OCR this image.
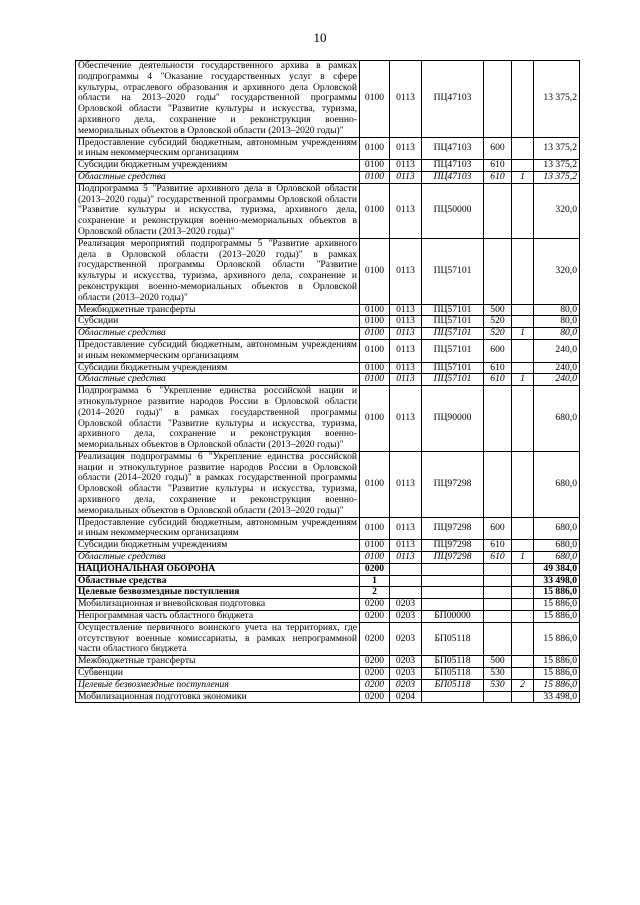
10
Обеспечение деятельности государственного архива в рамках подпрограммы 4 "Оказание государственных услуг в сфере культуры, отраслевого образования и архивного дела Орловской области на 2013–2020 годы" государственной программы Орловской области "Развитие культуры и искусства, туризма, архивного дела, сохранение и реконструкция военно-мемориальных объектов в Орловской области (2013–2020 годы)"	0100	0113	ПЦ47103			13 375,2
Предоставление субсидий бюджетным, автономным учреждениям и иным некоммерческим организациям	0100	0113	ПЦ47103	600		13 375,2
Субсидии бюджетным учреждениям	0100	0113	ПЦ47103	610		13 375,2
Областные средства	0100	0113	ПЦ47103	610	1	13 375,2
Подпрограмма 5 "Развитие архивного дела в Орловской области (2013–2020 годы)" государственной программы Орловской области "Развитие культуры и искусства, туризма, архивного дела, сохранение и реконструкция военно-мемориальных объектов в Орловской области (2013–2020 годы)"	0100	0113	ПЦ50000			320,0
Реализация мероприятий подпрограммы 5 "Развитие архивного дела в Орловской области (2013–2020 годы)" в рамках государственной программы Орловской области "Развитие культуры и искусства, туризма, архивного дела, сохранение и реконструкция военно-мемориальных объектов в Орловской области (2013–2020 годы)"	0100	0113	ПЦ57101			320,0
Межбюджетные трансферты	0100	0113	ПЦ57101	500		80,0
Субсидии	0100	0113	ПЦ57101	520		80,0
Областные средства	0100	0113	ПЦ57101	520	1	80,0
Предоставление субсидий бюджетным, автономным учреждениям и иным некоммерческим организациям	0100	0113	ПЦ57101	600		240,0
Субсидии бюджетным учреждениям	0100	0113	ПЦ57101	610		240,0
Областные средства	0100	0113	ПЦ57101	610	1	240,0
Подпрограмма 6 "Укрепление единства российской нации и этнокультурное развитие народов России в Орловской области (2014–2020 годы)" в рамках государственной программы Орловской области "Развитие культуры и искусства, туризма, архивного дела, сохранение и реконструкция военно-мемориальных объектов в Орловской области (2013–2020 годы)"	0100	0113	ПЦ90000			680,0
Реализация подпрограммы 6 "Укрепление единства российской нации и этнокультурное развитие народов России в Орловской области (2014–2020 годы)" в рамках государственной программы Орловской области "Развитие культуры и искусства, туризма, архивного дела, сохранение и реконструкция военно-мемориальных объектов в Орловской области (2013–2020 годы)"	0100	0113	ПЦ97298			680,0
Предоставление субсидий бюджетным, автономным учреждениям и иным некоммерческим организациям	0100	0113	ПЦ97298	600		680,0
Субсидии бюджетным учреждениям	0100	0113	ПЦ97298	610		680,0
Областные средства	0100	0113	ПЦ97298	610	1	680,0
НАЦИОНАЛЬНАЯ ОБОРОНА	0200					49 384,0
Областные средства	1					33 498,0
Целевые безвозмездные поступления	2					15 886,0
Мобилизационная и вневойсковая подготовка	0200	0203				15 886,0
Непрограммная часть областного бюджета	0200	0203	БП00000			15 886,0
Осуществление первичного воинского учета на территориях, где отсутствуют военные комиссариаты, в рамках непрограммной части областного бюджета	0200	0203	БП05118			15 886,0
Межбюджетные трансферты	0200	0203	БП05118	500		15 886,0
Субвенции	0200	0203	БП05118	530		15 886,0
Целевые безвозмездные поступления	0200	0203	БП05118	530	2	15 886,0
Мобилизационная подготовка экономики	0200	0204				33 498,0
